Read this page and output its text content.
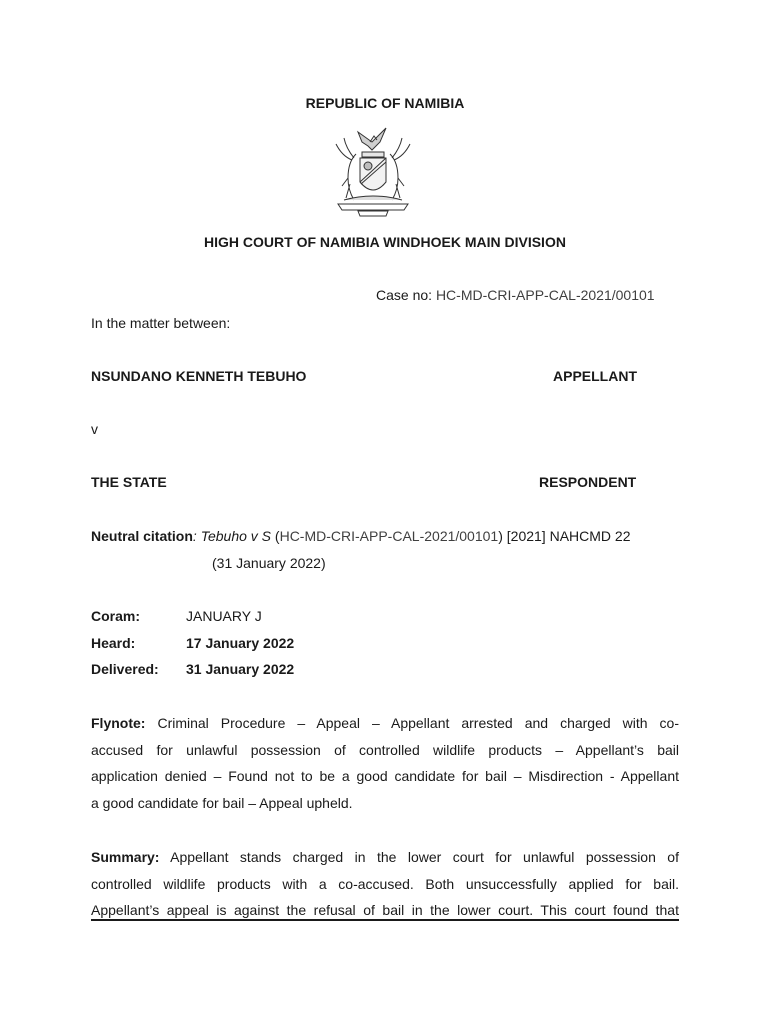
REPUBLIC OF NAMIBIA
HIGH COURT OF NAMIBIA WINDHOEK MAIN DIVISION
Case no: HC-MD-CRI-APP-CAL-2021/00101
In the matter between:
NSUNDANO KENNETH TEBUHO	APPELLANT
v
THE STATE	RESPONDENT
Neutral citation: Tebuho v S (HC-MD-CRI-APP-CAL-2021/00101) [2021] NAHCMD 22
(31 January 2022)
Coram:	JANUARY J
Heard:	17 January 2022
Delivered: 31 January 2022
Flynote: Criminal Procedure – Appeal – Appellant arrested and charged with co-
accused for unlawful possession of controlled wildlife products – Appellant’s bail
application denied – Found not to be a good candidate for bail – Misdirection - Appellant
a good candidate for bail – Appeal upheld.
Summary: Appellant stands charged in the lower court for unlawful possession of
controlled wildlife products with a co-accused. Both unsuccessfully applied for bail.
Appellant’s appeal is against the refusal of bail in the lower court. This court found that
